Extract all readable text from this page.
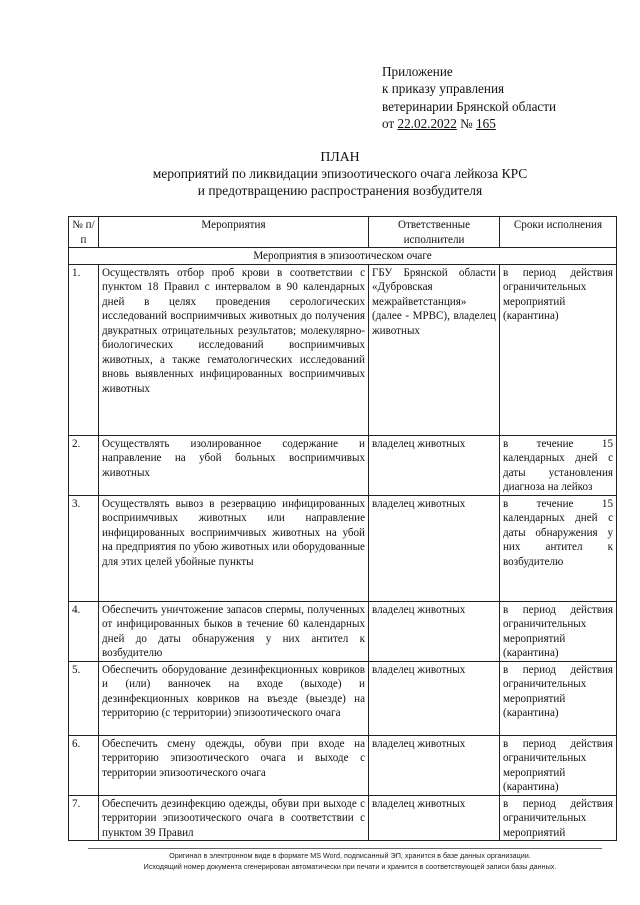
Приложение
к приказу управления
ветеринарии Брянской области
от 22.02.2022 № 165
ПЛАН
мероприятий по ликвидации эпизоотического очага лейкоза КРС
и предотвращению распространения возбудителя
№ п/п	Мероприятия	Ответственные исполнители	Сроки исполнения
Мероприятия в эпизоотическом очаге			
1.	Осуществлять отбор проб крови в соответствии с пунктом 18 Правил с интервалом в 90 календарных дней в целях проведения серологических исследований восприимчивых животных до получения двукратных отрицательных результатов; молекулярно-биологических исследований восприимчивых животных, а также гематологических исследований вновь выявленных инфицированных восприимчивых животных	ГБУ Брянской области «Дубровская межрайветстанция» (далее - МРВС), владелец животных	в период действия ограничительных мероприятий (карантина)
2.	Осуществлять изолированное содержание и направление на убой больных восприимчивых животных	владелец животных	в течение 15 календарных дней с даты установления диагноза на лейкоз
3.	Осуществлять вывоз в резервацию инфицированных восприимчивых животных или направление инфицированных восприимчивых животных на убой на предприятия по убою животных или оборудованные для этих целей убойные пункты	владелец животных	в течение 15 календарных дней с даты обнаружения у них антител к возбудителю
4.	Обеспечить уничтожение запасов спермы, полученных от инфицированных быков в течение 60 календарных дней до даты обнаружения у них антител к возбудителю	владелец животных	в период действия ограничительных мероприятий (карантина)
5.	Обеспечить оборудование дезинфекционных ковриков и (или) ванночек на входе (выходе) и дезинфекционных ковриков на въезде (выезде) на территорию (с территории) эпизоотического очага	владелец животных	в период действия ограничительных мероприятий (карантина)
6.	Обеспечить смену одежды, обуви при входе на территорию эпизоотического очага и выходе с территории эпизоотического очага	владелец животных	в период действия ограничительных мероприятий (карантина)
7.	Обеспечить дезинфекцию одежды, обуви при выходе с территории эпизоотического очага в соответствии с пунктом 39 Правил	владелец животных	в период действия ограничительных мероприятий
Оригинал в электронном виде в формате MS Word, подписанный ЭП, хранится в базе данных организации.
Исходящий номер документа сгенерирован автоматически при печати и хранится в соответствующей записи базы данных.
